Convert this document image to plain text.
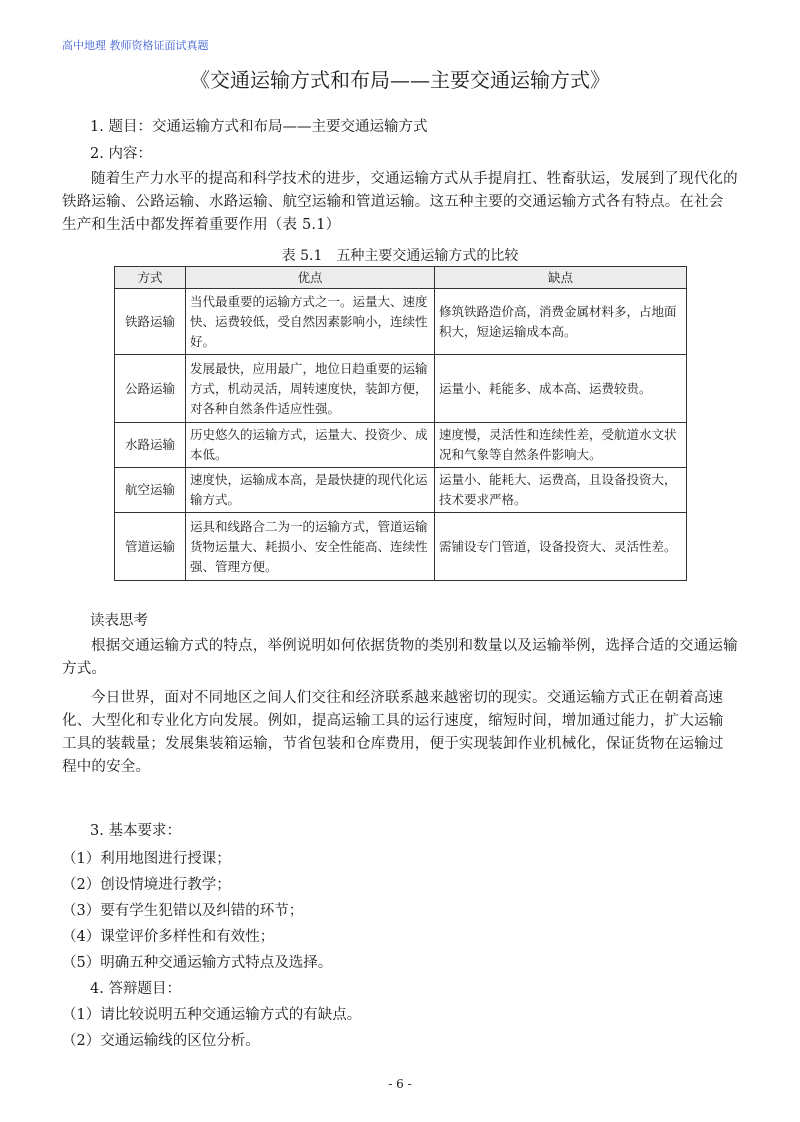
高中地理 教师资格证面试真题
《交通运输方式和布局——主要交通运输方式》
1. 题目：交通运输方式和布局——主要交通运输方式
2. 内容：
随着生产力水平的提高和科学技术的进步，交通运输方式从手提肩扛、牲畜驮运，发展到了现代化的铁路运输、公路运输、水路运输、航空运输和管道运输。这五种主要的交通运输方式各有特点。在社会生产和生活中都发挥着重要作用（表 5.1）
表 5.1　五种主要交通运输方式的比较
方式	优点	缺点
铁路运输	当代最重要的运输方式之一。运量大、速度快、运费较低，受自然因素影响小，连续性好。	修筑铁路造价高，消费金属材料多，占地面积大，短途运输成本高。
公路运输	发展最快，应用最广，地位日趋重要的运输方式，机动灵活，周转速度快，装卸方便，对各种自然条件适应性强。	运量小、耗能多、成本高、运费较贵。
水路运输	历史悠久的运输方式，运量大、投资少、成本低。	速度慢，灵活性和连续性差，受航道水文状况和气象等自然条件影响大。
航空运输	速度快，运输成本高，是最快捷的现代化运输方式。	运量小、能耗大、运费高，且设备投资大，技术要求严格。
管道运输	运具和线路合二为一的运输方式，管道运输货物运量大、耗损小、安全性能高、连续性强、管理方便。	需铺设专门管道，设备投资大、灵活性差。
读表思考
根据交通运输方式的特点，举例说明如何依据货物的类别和数量以及运输举例，选择合适的交通运输方式。
今日世界，面对不同地区之间人们交往和经济联系越来越密切的现实。交通运输方式正在朝着高速化、大型化和专业化方向发展。例如，提高运输工具的运行速度，缩短时间，增加通过能力，扩大运输工具的装载量；发展集装箱运输，节省包装和仓库费用，便于实现装卸作业机械化，保证货物在运输过程中的安全。
3. 基本要求：
（1）利用地图进行授课；
（2）创设情境进行教学；
（3）要有学生犯错以及纠错的环节；
（4）课堂评价多样性和有效性；
（5）明确五种交通运输方式特点及选择。
4. 答辩题目：
（1）请比较说明五种交通运输方式的有缺点。
（2）交通运输线的区位分析。
- 6 -
